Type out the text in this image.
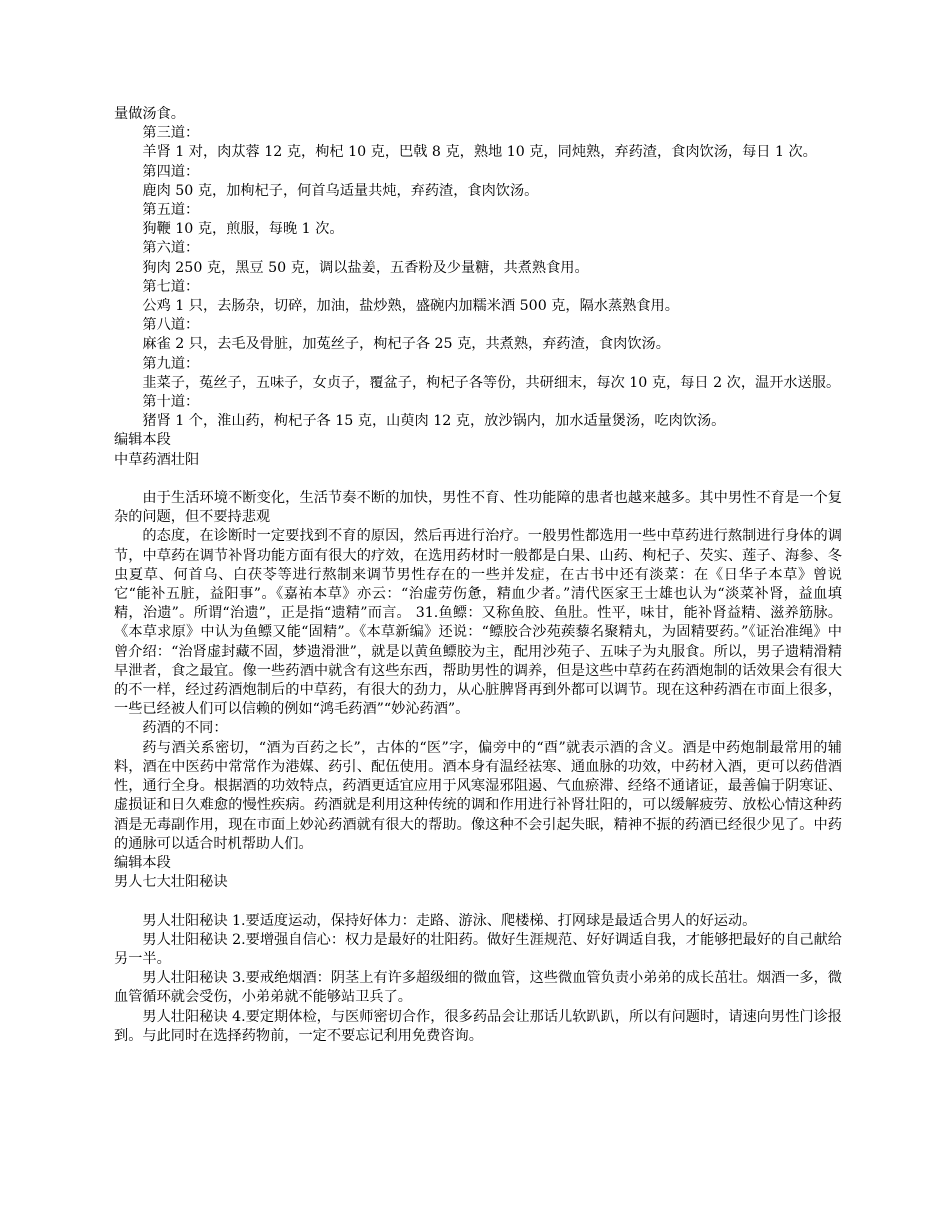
量做汤食。

第三道：

羊肾 1 对，肉苁蓉 12 克，枸杞 10 克，巴戟 8 克，熟地 10 克，同炖熟，弃药渣，食肉饮汤，每日 1 次。

第四道：

鹿肉 50 克，加枸杞子，何首乌适量共炖，弃药渣，食肉饮汤。

第五道：

狗鞭 10 克，煎服，每晚 1 次。

第六道：

狗肉 250 克，黑豆 50 克，调以盐姜，五香粉及少量糖，共煮熟食用。

第七道：

公鸡 1 只，去肠杂，切碎，加油，盐炒熟，盛碗内加糯米酒 500 克，隔水蒸熟食用。

第八道：

麻雀 2 只，去毛及骨脏，加菟丝子，枸杞子各 25 克，共煮熟，弃药渣，食肉饮汤。

第九道：

韭菜子，菟丝子，五味子，女贞子，覆盆子，枸杞子各等份，共研细末，每次 10 克，每日 2 次，温开水送服。

第十道：

猪肾 1 个，淮山药，枸杞子各 15 克，山萸肉 12 克，放沙锅内，加水适量煲汤，吃肉饮汤。

编辑本段

中草药酒壮阳

由于生活环境不断变化，生活节奏不断的加快，男性不育、性功能障的患者也越来越多。其中男性不育是一个复杂的问题，但不要持悲观

的态度，在诊断时一定要找到不育的原因，然后再进行治疗。一般男性都选用一些中草药进行熬制进行身体的调节，中草药在调节补肾功能方面有很大的疗效，在选用药材时一般都是白果、山药、枸杞子、芡实、莲子、海参、冬虫夏草、何首乌、白茯苓等进行熬制来调节男性存在的一些并发症，在古书中还有淡菜：在《日华子本草》曾说它“能补五脏，益阳事”。《嘉祐本草》亦云：“治虚劳伤惫，精血少者。”清代医家王士雄也认为“淡菜补肾，益血填精，治遗”。所谓“治遗”，正是指“遗精”而言。 31.鱼鳔：又称鱼胶、鱼肚。性平，味甘，能补肾益精、滋养筋脉。《本草求原》中认为鱼鳔又能“固精”。《本草新编》还说：“鳔胶合沙苑蒺藜名聚精丸，为固精要药。”《证治准绳》中曾介绍：“治肾虚封藏不固，梦遗滑泄”，就是以黄鱼鳔胶为主，配用沙苑子、五味子为丸服食。所以，男子遗精滑精早泄者，食之最宜。像一些药酒中就含有这些东西，帮助男性的调养，但是这些中草药在药酒炮制的话效果会有很大的不一样，经过药酒炮制后的中草药，有很大的劲力，从心脏脾肾再到外都可以调节。现在这种药酒在市面上很多，一些已经被人们可以信赖的例如“鸿毛药酒”“妙沁药酒”。

药酒的不同：

药与酒关系密切，“酒为百药之长”，古体的“医”字，偏旁中的“酉”就表示酒的含义。酒是中药炮制最常用的辅料，酒在中医药中常常作为港媒、药引、配伍使用。酒本身有温经祛寒、通血脉的功效，中药材入酒，更可以药借酒性，通行全身。根据酒的功效特点，药酒更适宜应用于风寒湿邪阻遏、气血瘀滞、经络不通诸证，最善偏于阴寒证、虚损证和日久难愈的慢性疾病。药酒就是利用这种传统的调和作用进行补肾壮阳的，可以缓解疲劳、放松心情这种药酒是无毒副作用，现在市面上妙沁药酒就有很大的帮助。像这种不会引起失眠，精神不振的药酒已经很少见了。中药的通脉可以适合时机帮助人们。

编辑本段

男人七大壮阳秘诀

男人壮阳秘诀 1.要适度运动，保持好体力：走路、游泳、爬楼梯、打网球是最适合男人的好运动。

男人壮阳秘诀 2.要增强自信心：权力是最好的壮阳药。做好生涯规范、好好调适自我，才能够把最好的自己献给另一半。

男人壮阳秘诀 3.要戒绝烟酒：阴茎上有许多超级细的微血管，这些微血管负责小弟弟的成长茁壮。烟酒一多，微血管循环就会受伤，小弟弟就不能够站卫兵了。

男人壮阳秘诀 4.要定期体检，与医师密切合作，很多药品会让那话儿软趴趴，所以有问题时，请速向男性门诊报到。与此同时在选择药物前，一定不要忘记利用免费咨询。
